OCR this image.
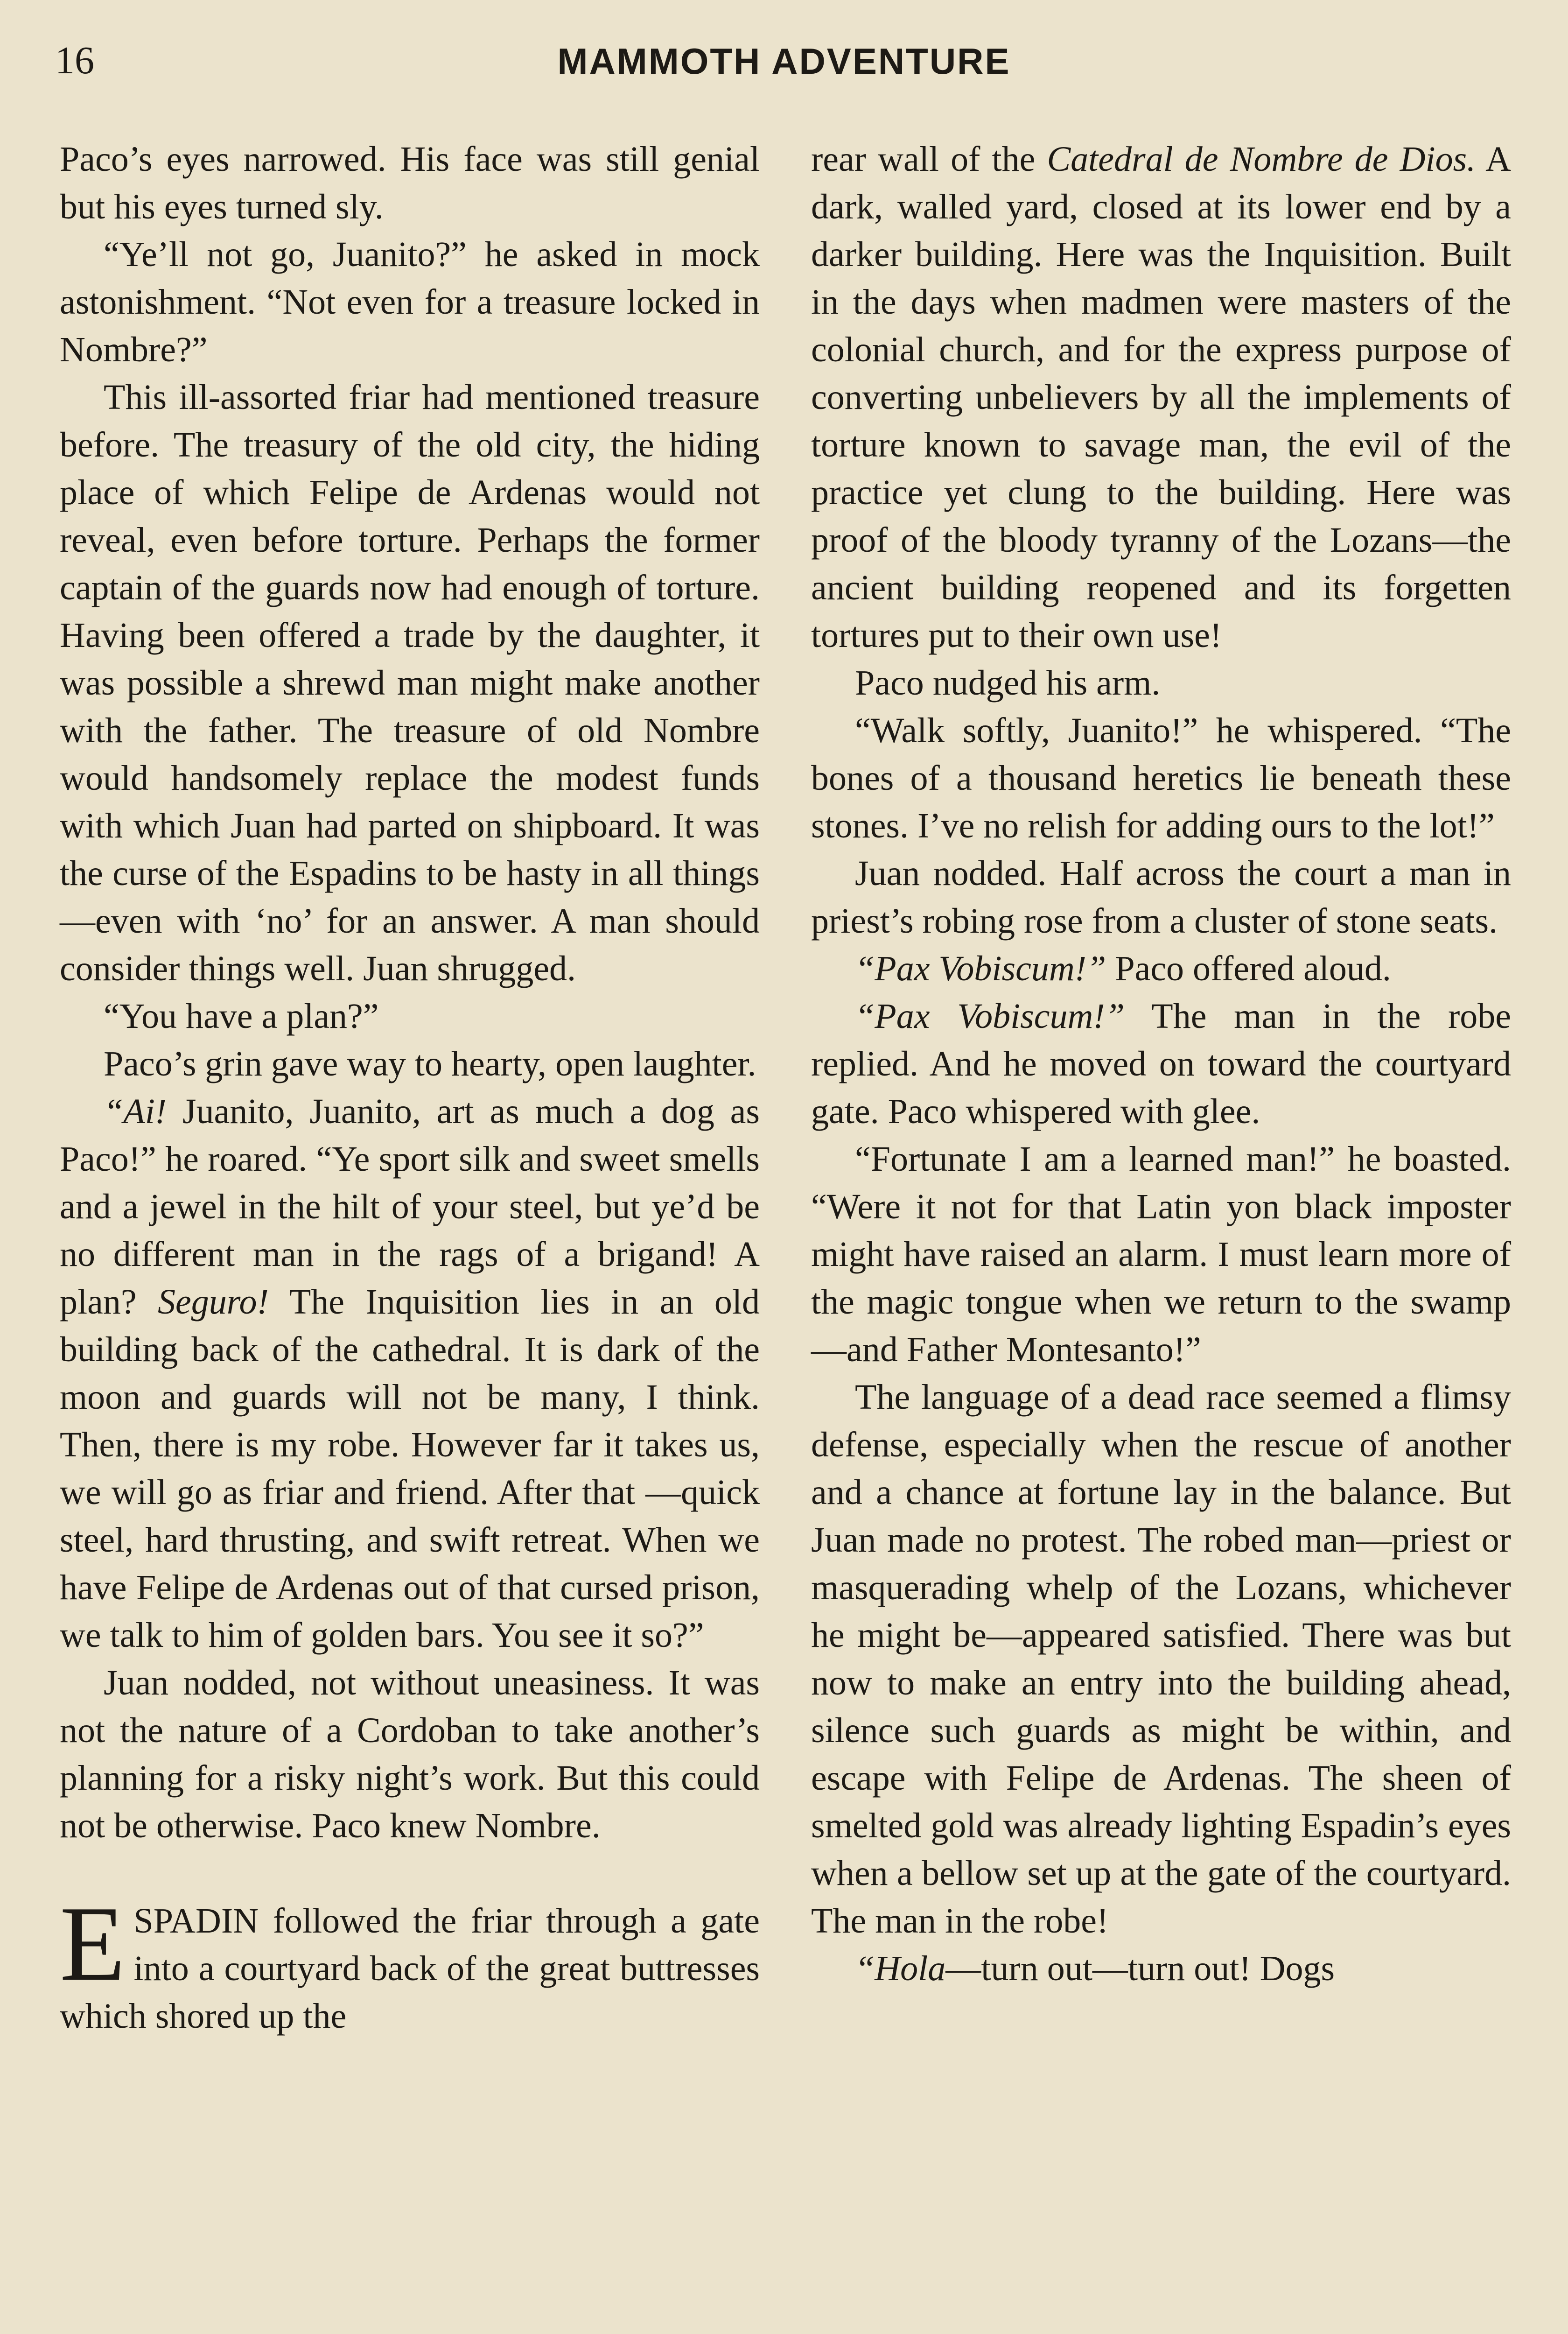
16	MAMMOTH ADVENTURE

Paco’s eyes narrowed. His face was still genial but his eyes turned sly.

“Ye’ll not go, Juanito?” he asked in mock astonishment. “Not even for a treasure locked in Nombre?”

This ill-assorted friar had mentioned treasure before. The treasury of the old city, the hiding place of which Felipe de Ardenas would not reveal, even before torture. Perhaps the former captain of the guards now had enough of torture. Having been offered a trade by the daughter, it was possible a shrewd man might make another with the father. The treasure of old Nombre would handsomely replace the modest funds with which Juan had parted on shipboard. It was the curse of the Espadins to be hasty in all things—even with ‘no’ for an answer. A man should consider things well. Juan shrugged.

“You have a plan?”

Paco’s grin gave way to hearty, open laughter.

“Ai! Juanito, Juanito, art as much a dog as Paco!” he roared. “Ye sport silk and sweet smells and a jewel in the hilt of your steel, but ye’d be no different man in the rags of a brigand! A plan? Seguro! The Inquisition lies in an old building back of the cathedral. It is dark of the moon and guards will not be many, I think. Then, there is my robe. However far it takes us, we will go as friar and friend. After that —quick steel, hard thrusting, and swift retreat. When we have Felipe de Ardenas out of that cursed prison, we talk to him of golden bars. You see it so?”

Juan nodded, not without uneasiness. It was not the nature of a Cordoban to take another’s planning for a risky night’s work. But this could not be otherwise. Paco knew Nombre.

ESPADIN followed the friar through a gate into a courtyard back of the great buttresses which shored up the

rear wall of the Catedral de Nombre de Dios. A dark, walled yard, closed at its lower end by a darker building. Here was the Inquisition. Built in the days when madmen were masters of the colonial church, and for the express purpose of converting unbelievers by all the implements of torture known to savage man, the evil of the practice yet clung to the building. Here was proof of the bloody tyranny of the Lozans—the ancient building reopened and its forgetten tortures put to their own use!

Paco nudged his arm.

“Walk softly, Juanito!” he whispered. “The bones of a thousand heretics lie beneath these stones. I’ve no relish for adding ours to the lot!”

Juan nodded. Half across the court a man in priest’s robing rose from a cluster of stone seats.

“Pax Vobiscum!” Paco offered aloud.

“Pax Vobiscum!” The man in the robe replied. And he moved on toward the courtyard gate. Paco whispered with glee.

“Fortunate I am a learned man!” he boasted. “Were it not for that Latin yon black imposter might have raised an alarm. I must learn more of the magic tongue when we return to the swamp—and Father Montesanto!”

The language of a dead race seemed a flimsy defense, especially when the rescue of another and a chance at fortune lay in the balance. But Juan made no protest. The robed man—priest or masquerading whelp of the Lozans, whichever he might be—appeared satisfied. There was but now to make an entry into the building ahead, silence such guards as might be within, and escape with Felipe de Ardenas. The sheen of smelted gold was already lighting Espadin’s eyes when a bellow set up at the gate of the courtyard. The man in the robe!

“Hola—turn out—turn out! Dogs
